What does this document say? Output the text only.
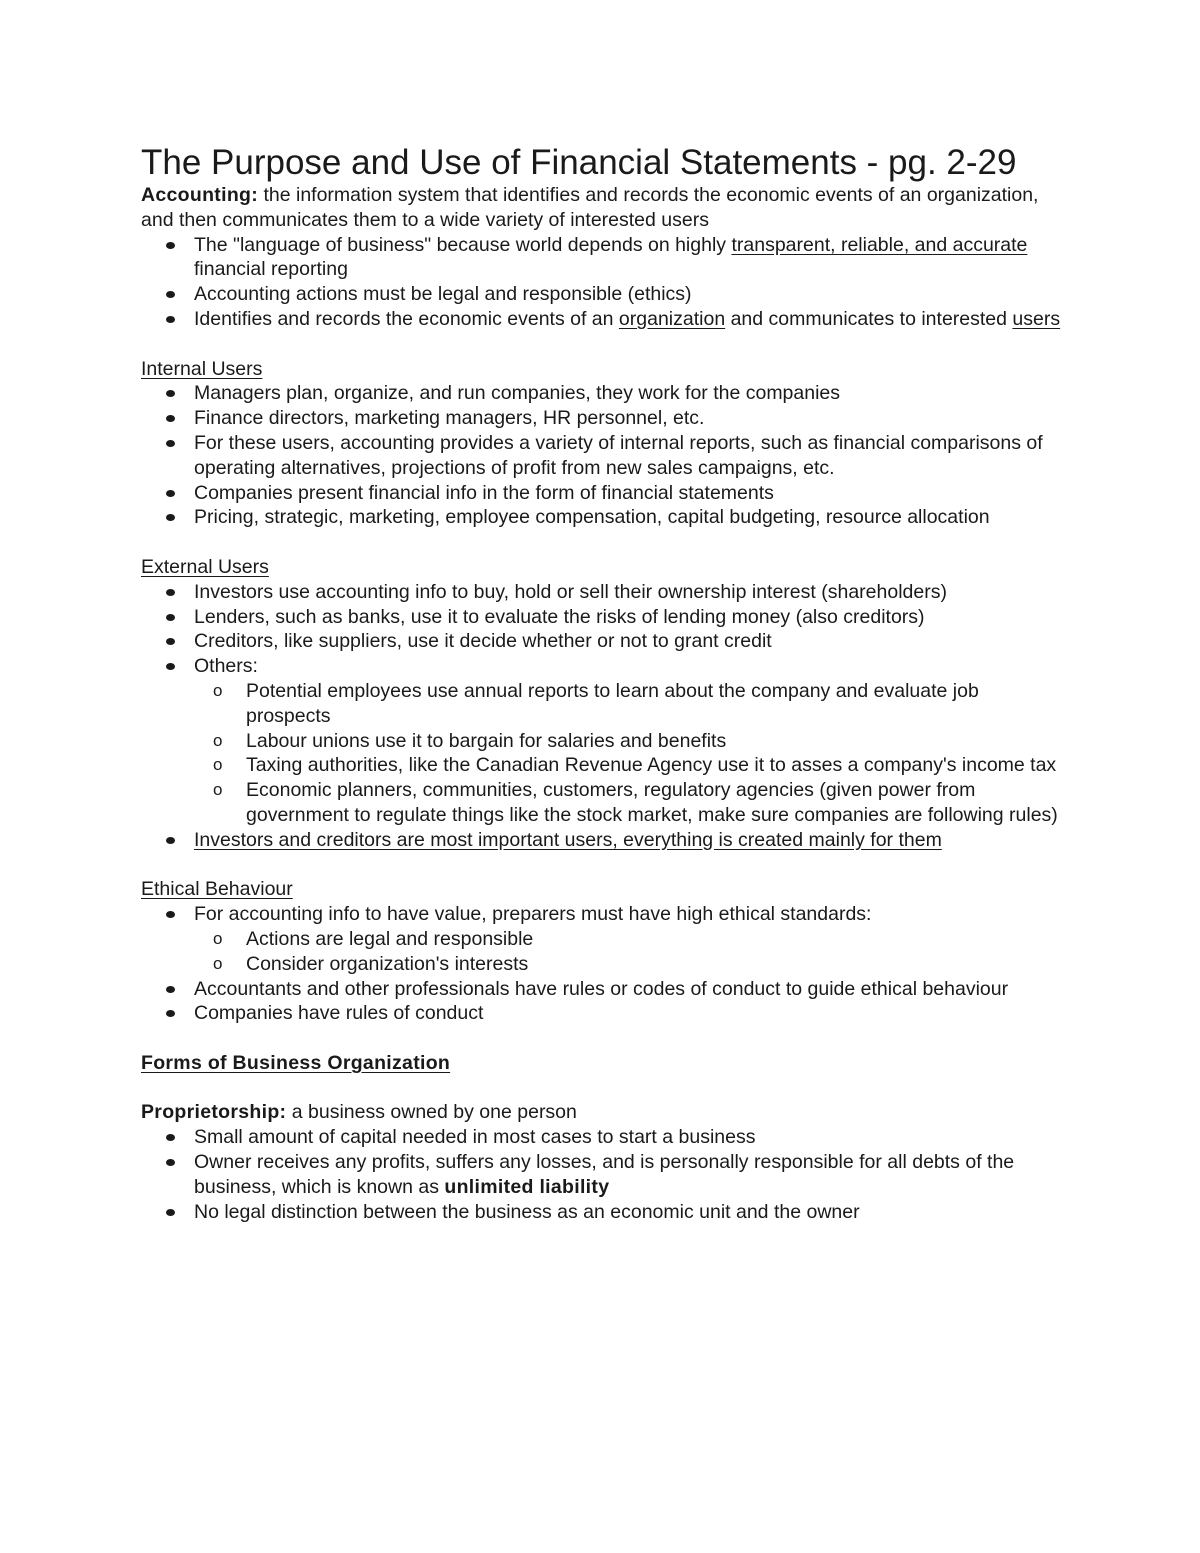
The Purpose and Use of Financial Statements - pg. 2-29

Accounting: the information system that identifies and records the economic events of an organization, and then communicates them to a wide variety of interested users

The "language of business" because world depends on highly transparent, reliable, and accurate financial reporting
Accounting actions must be legal and responsible (ethics)
Identifies and records the economic events of an organization and communicates to interested users

Internal Users

Managers plan, organize, and run companies, they work for the companies
Finance directors, marketing managers, HR personnel, etc.
For these users, accounting provides a variety of internal reports, such as financial comparisons of operating alternatives, projections of profit from new sales campaigns, etc.
Companies present financial info in the form of financial statements
Pricing, strategic, marketing, employee compensation, capital budgeting, resource allocation

External Users

Investors use accounting info to buy, hold or sell their ownership interest (shareholders)
Lenders, such as banks, use it to evaluate the risks of lending money (also creditors)
Creditors, like suppliers, use it decide whether or not to grant credit
Others:
o Potential employees use annual reports to learn about the company and evaluate job prospects
o Labour unions use it to bargain for salaries and benefits
o Taxing authorities, like the Canadian Revenue Agency use it to asses a company's income tax
o Economic planners, communities, customers, regulatory agencies (given power from government to regulate things like the stock market, make sure companies are following rules)
Investors and creditors are most important users, everything is created mainly for them

Ethical Behaviour

For accounting info to have value, preparers must have high ethical standards:
o Actions are legal and responsible
o Consider organization's interests
Accountants and other professionals have rules or codes of conduct to guide ethical behaviour
Companies have rules of conduct

Forms of Business Organization

Proprietorship: a business owned by one person

Small amount of capital needed in most cases to start a business
Owner receives any profits, suffers any losses, and is personally responsible for all debts of the business, which is known as unlimited liability
No legal distinction between the business as an economic unit and the owner
